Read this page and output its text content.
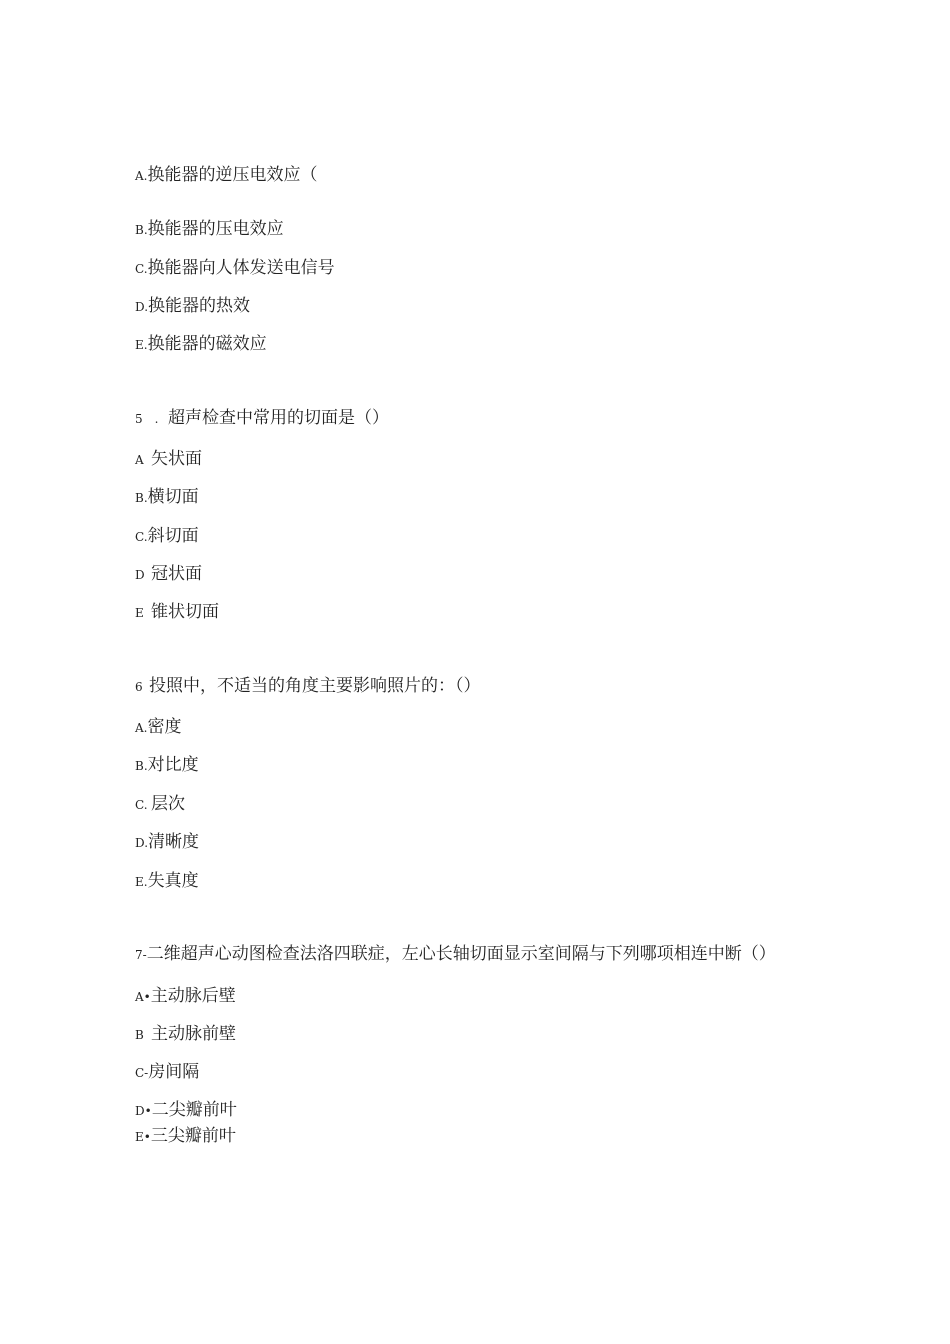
A.换能器的逆压电效应（
B.换能器的压电效应
C.换能器向人体发送电信号
D.换能器的热效
E.换能器的磁效应
5　. 超声检查中常用的切面是（）
A 矢状面
B.横切面
C.斜切面
D 冠状面
E 锥状切面
6 投照中，不适当的角度主要影响照片的：（）
A.密度
B.对比度
C. 层次
D.清晰度
E.失真度
7-二维超声心动图检查法洛四联症，左心长轴切面显示室间隔与下列哪项相连中断（）
A•主动脉后壁
B 主动脉前壁
C-房间隔
D•二尖瓣前叶
E•三尖瓣前叶
